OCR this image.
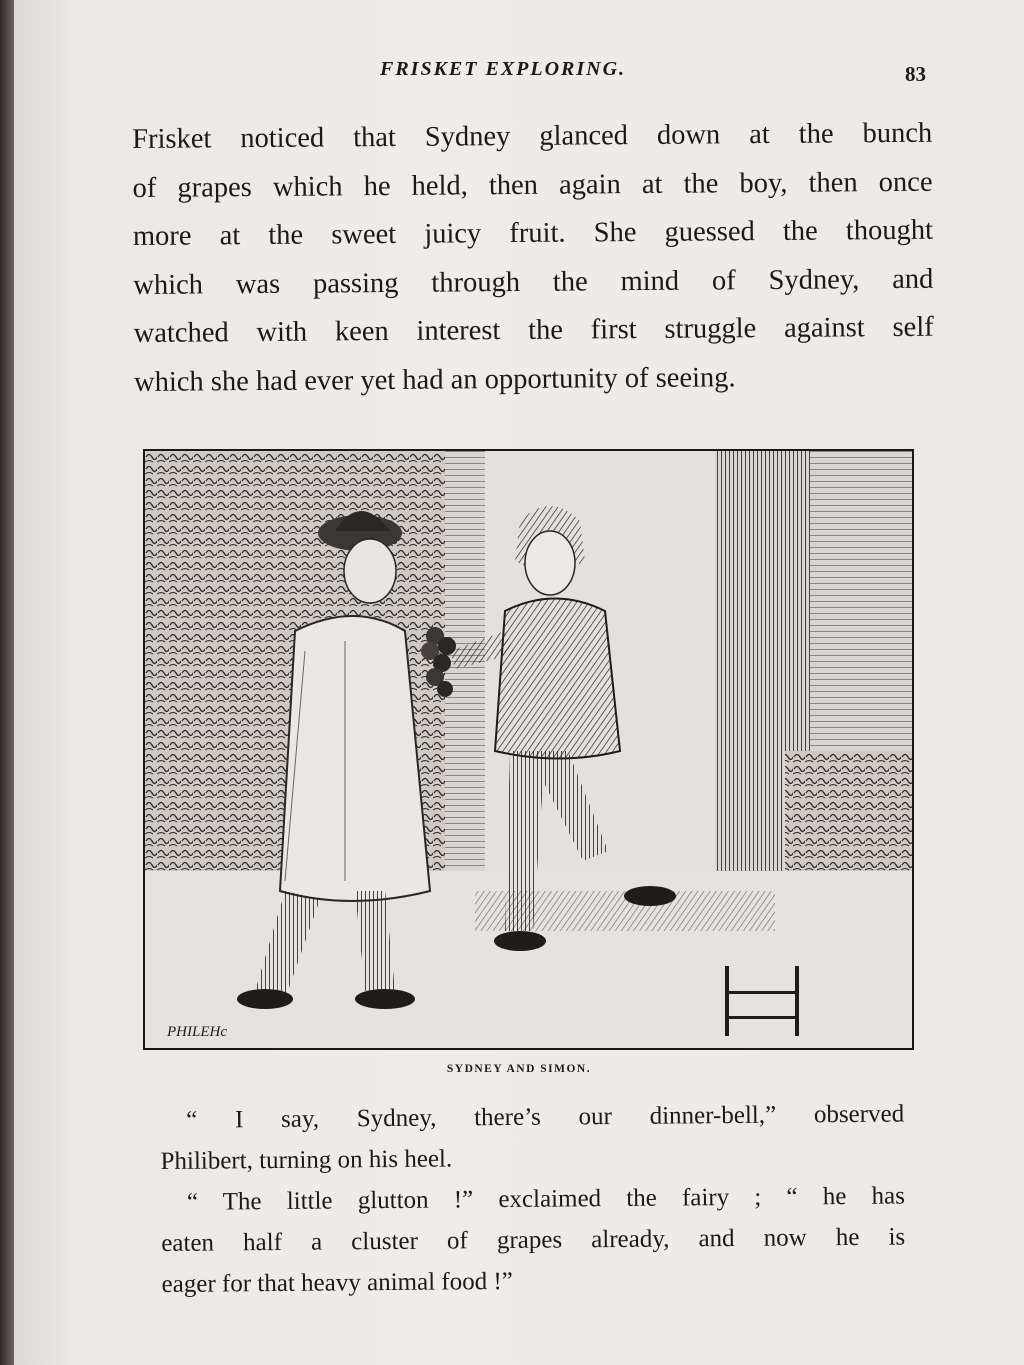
FRISKET EXPLORING.	83
Frisket noticed that Sydney glanced down at the bunch
of grapes which he held, then again at the boy, then once
more at the sweet juicy fruit. She guessed the thought
which was passing through the mind of Sydney, and
watched with keen interest the first struggle against self
which she had ever yet had an opportunity of seeing.
PHILEHc
SYDNEY AND SIMON.
“ I say, Sydney, there’s our dinner-bell,” observed
Philibert, turning on his heel.
“ The little glutton !” exclaimed the fairy ; “ he has
eaten half a cluster of grapes already, and now he is
eager for that heavy animal food !”
